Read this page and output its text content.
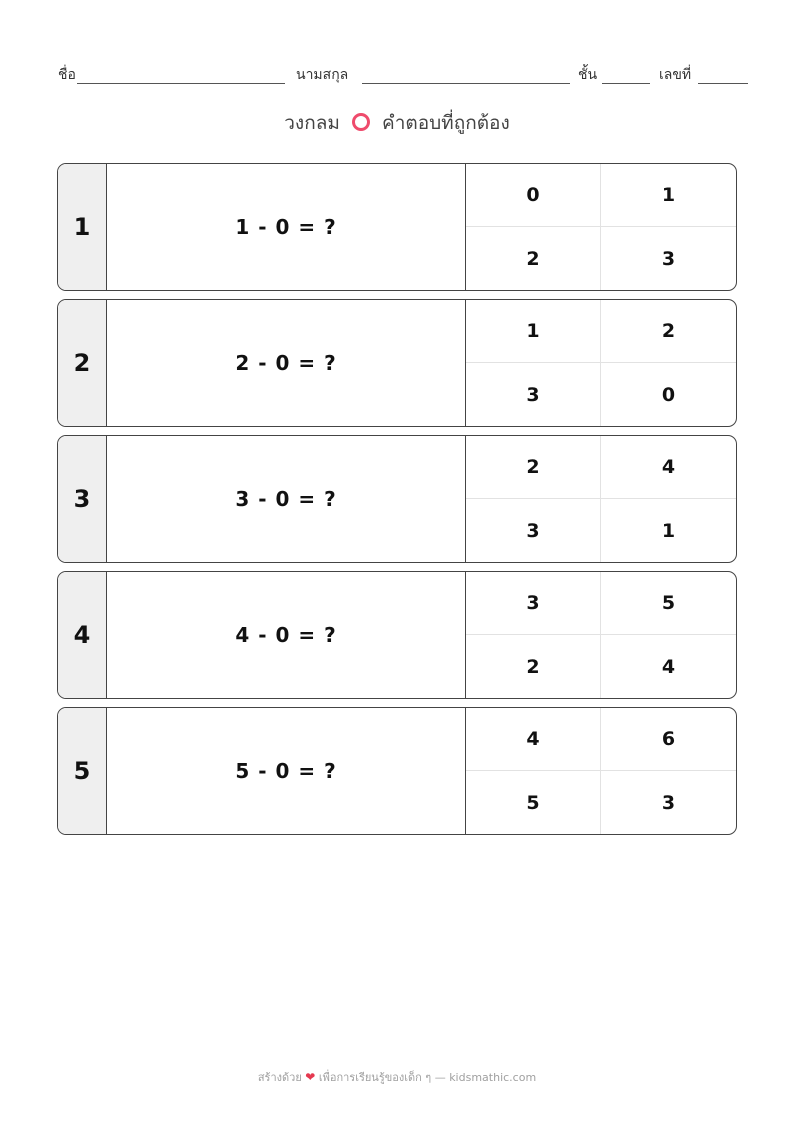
ชื่อ	นามสกุล	ชั้น	เลขที่
วงกลม คำตอบที่ถูกต้อง
1	1 - 0 = ?
0	1
2	3
2	2 - 0 = ?
1	2
3	0
3	3 - 0 = ?
2	4
3	1
4	4 - 0 = ?
3	5
2	4
5	5 - 0 = ?
4	6
5	3
สร้างด้วย ❤ เพื่อการเรียนรู้ของเด็ก ๆ — kidsmathic.com
